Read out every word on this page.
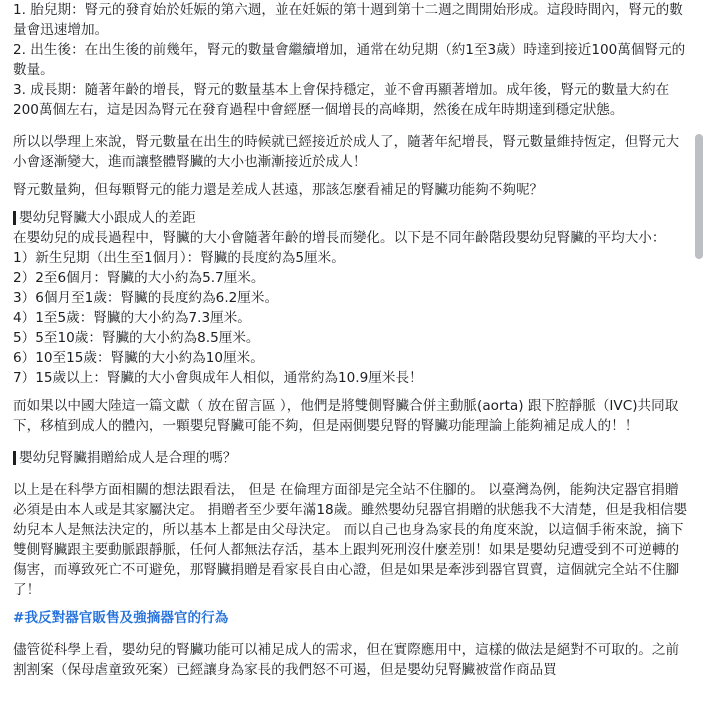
1. 胎兒期：腎元的發育始於妊娠的第六週，並在妊娠的第十週到第十二週之間開始形成。這段時間內，腎元的數量會迅速增加。

2. 出生後：在出生後的前幾年，腎元的數量會繼續增加，通常在幼兒期（約1至3歲）時達到接近100萬個腎元的數量。

3. 成長期：隨著年齡的增長，腎元的數量基本上會保持穩定，並不會再顯著增加。成年後，腎元的數量大約在200萬個左右，這是因為腎元在發育過程中會經歷一個增長的高峰期，然後在成年時期達到穩定狀態。

所以以學理上來說，腎元數量在出生的時候就已經接近於成人了，隨著年紀增長，腎元數量維持恆定，但腎元大小會逐漸變大，進而讓整體腎臟的大小也漸漸接近於成人！

腎元數量夠，但每顆腎元的能力還是差成人甚遠，那該怎麼看補足的腎臟功能夠不夠呢？

嬰幼兒腎臟大小跟成人的差距

在嬰幼兒的成長過程中，腎臟的大小會隨著年齡的增長而變化。以下是不同年齡階段嬰幼兒腎臟的平均大小：

1）新生兒期（出生至1個月）：腎臟的長度約為5厘米。

2）2至6個月：腎臟的大小約為5.7厘米。

3）6個月至1歲：腎臟的長度約為6.2厘米。

4）1至5歲：腎臟的大小約為7.3厘米。

5）5至10歲：腎臟的大小約為8.5厘米。

6）10至15歲：腎臟的大小約為10厘米。

7）15歲以上：腎臟的大小會與成年人相似，通常約為10.9厘米長！

而如果以中國大陸這一篇文獻（ 放在留言區 ），他們是將雙側腎臟合併主動脈(aorta) 跟下腔靜脈（IVC)共同取下，移植到成人的體內，一顆嬰兒腎臟可能不夠，但是兩側嬰兒腎的腎臟功能理論上能夠補足成人的！！

嬰幼兒腎臟捐贈給成人是合理的嗎？

以上是在科學方面相關的想法跟看法， 但是 在倫理方面卻是完全站不住腳的。 以臺灣為例，能夠決定器官捐贈必須是由本人或是其家屬決定。 捐贈者至少要年滿18歲。雖然嬰幼兒器官捐贈的狀態我不大清楚，但是我相信嬰幼兒本人是無法決定的，所以基本上都是由父母決定。 而以自己也身為家長的角度來說，以這個手術來說，摘下雙側腎臟跟主要動脈跟靜脈，任何人都無法存活，基本上跟判死刑沒什麼差別！如果是嬰幼兒遭受到不可逆轉的傷害，而導致死亡不可避免，那腎臟捐贈是看家長自由心證，但是如果是牽涉到器官買賣，這個就完全站不住腳了！

#我反對器官販售及強摘器官的行為

儘管從科學上看，嬰幼兒的腎臟功能可以補足成人的需求，但在實際應用中，這樣的做法是絕對不可取的。之前割割案（保母虐童致死案）已經讓身為家長的我們怒不可遏，但是嬰幼兒腎臟被當作商品買
